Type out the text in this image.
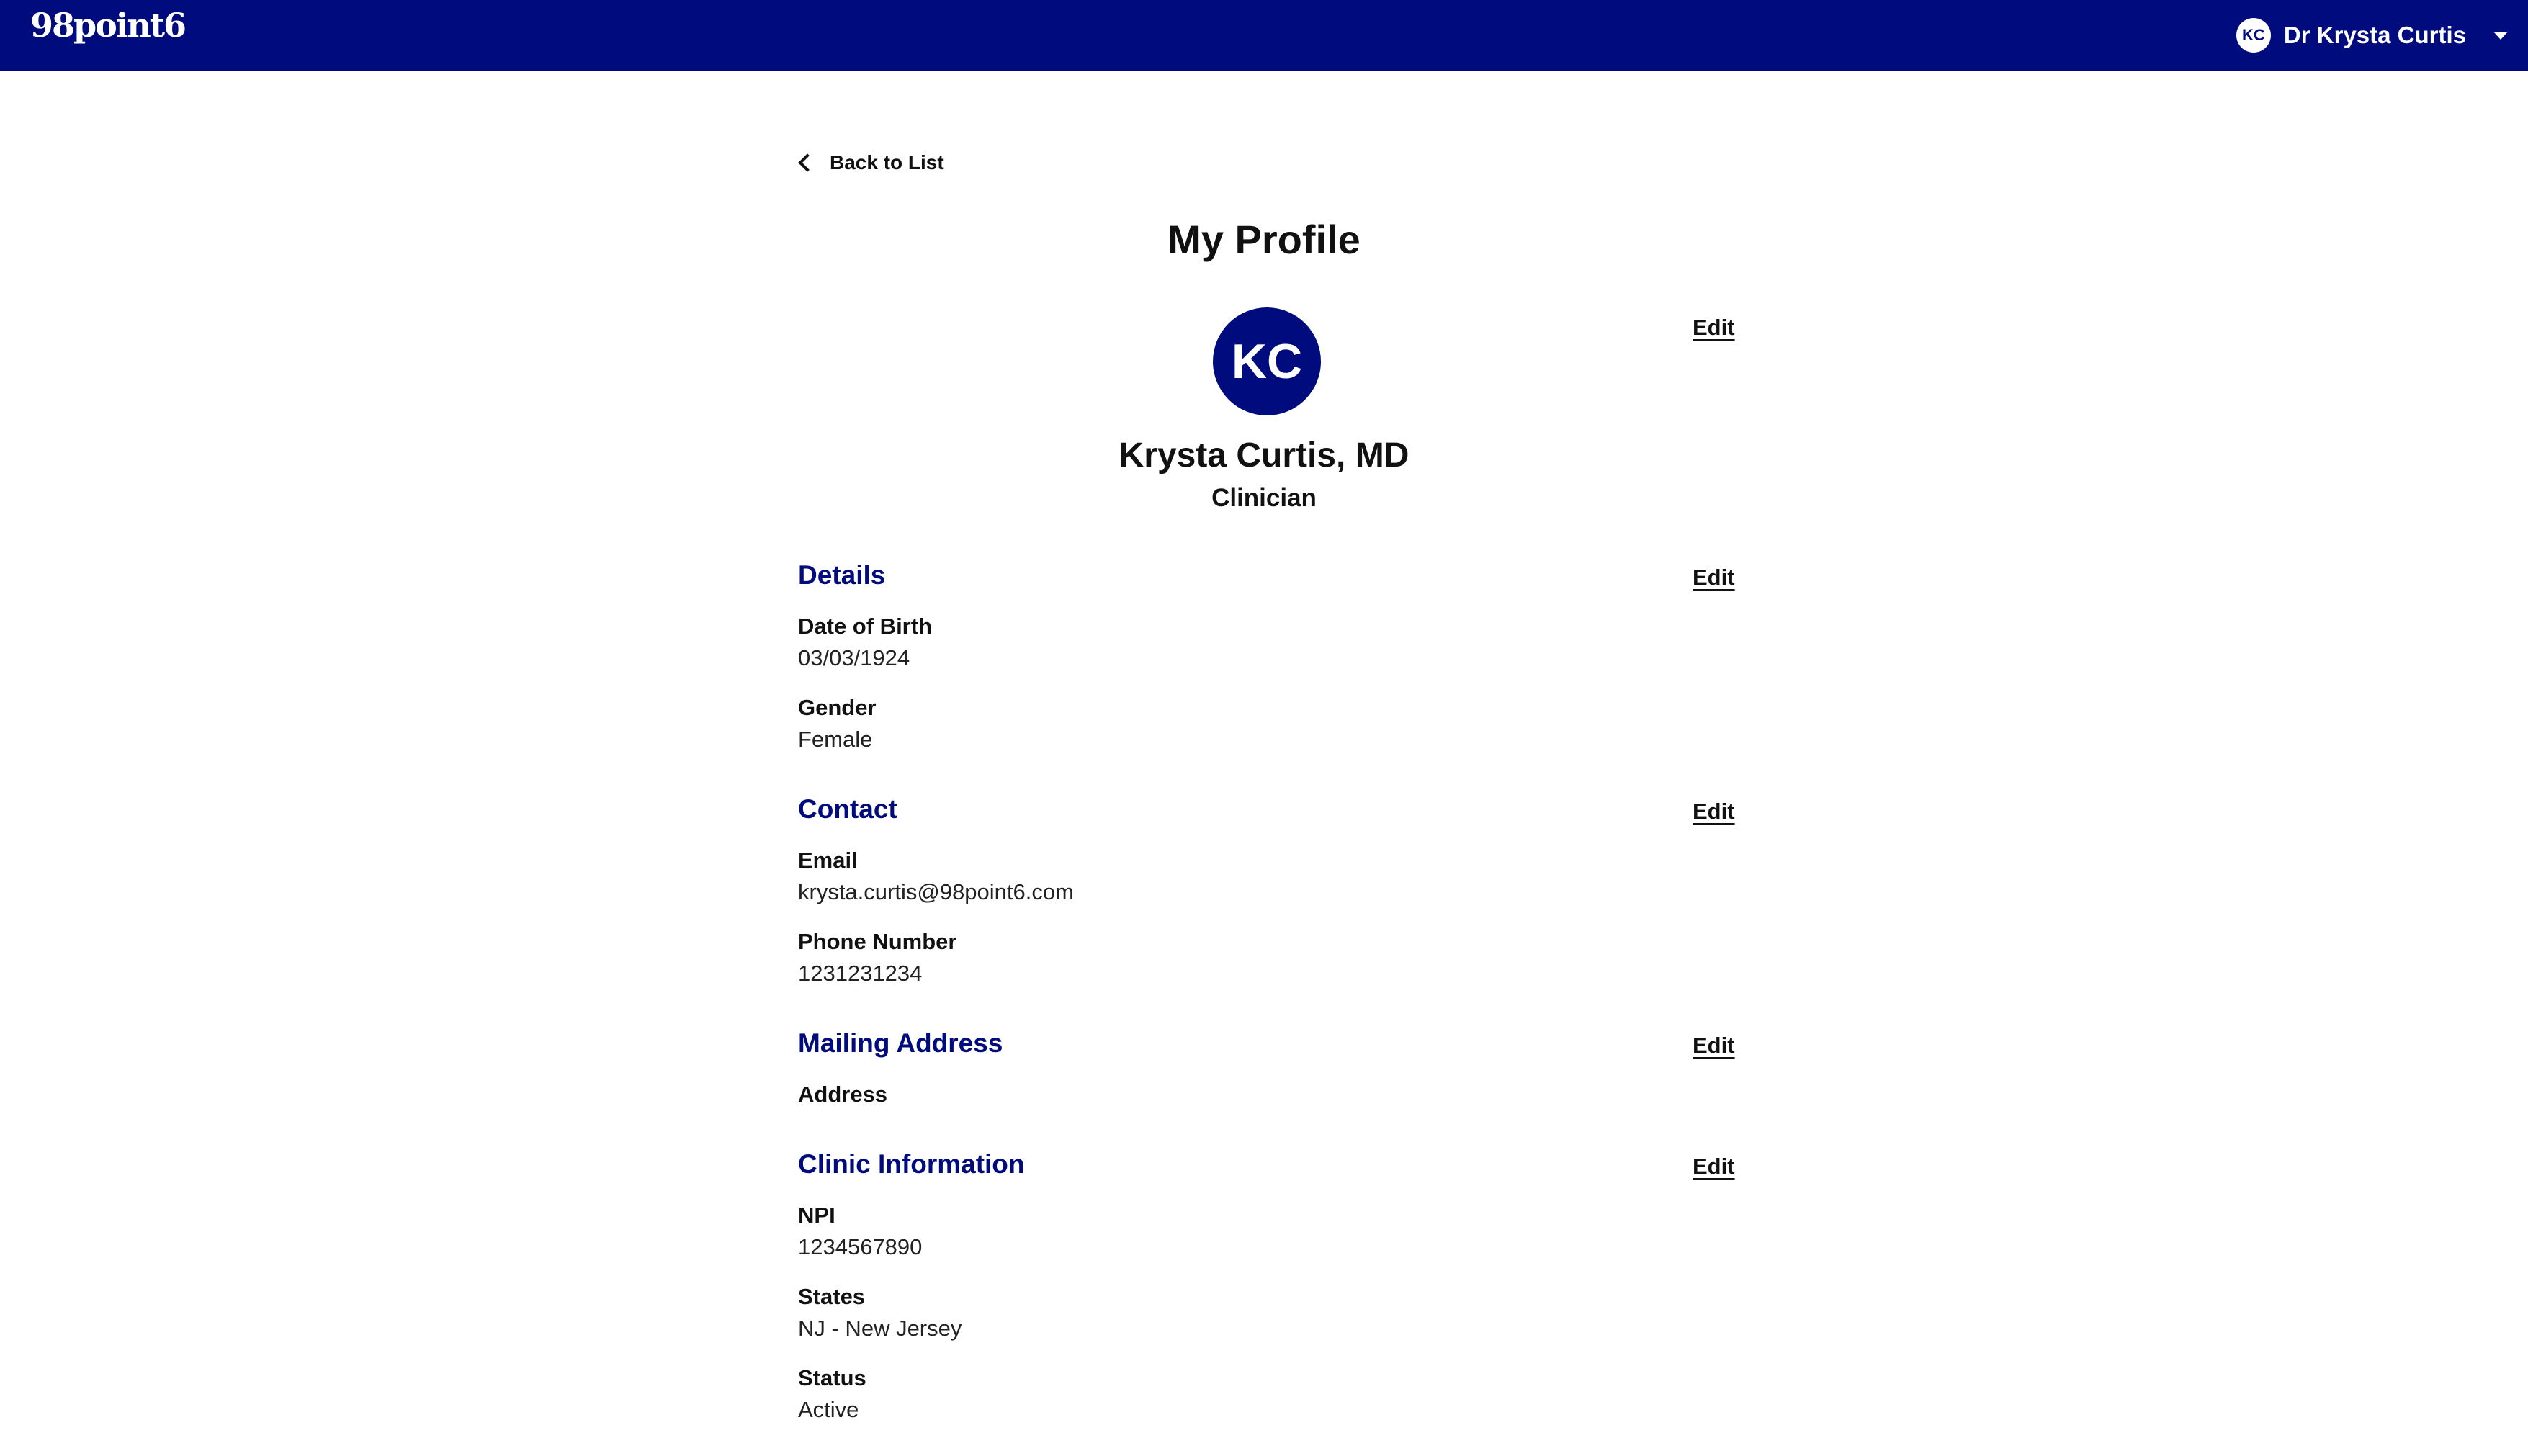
98point6	KC Dr Krysta Curtis
Back to List
My Profile
KC
Edit
Krysta Curtis, MD
Clinician
Details	Edit
Date of Birth
03/03/1924
Gender
Female
Contact	Edit
Email
krysta.curtis@98point6.com
Phone Number
1231231234
Mailing Address	Edit
Address
Clinic Information	Edit
NPI
1234567890
States
NJ - New Jersey
Status
Active
